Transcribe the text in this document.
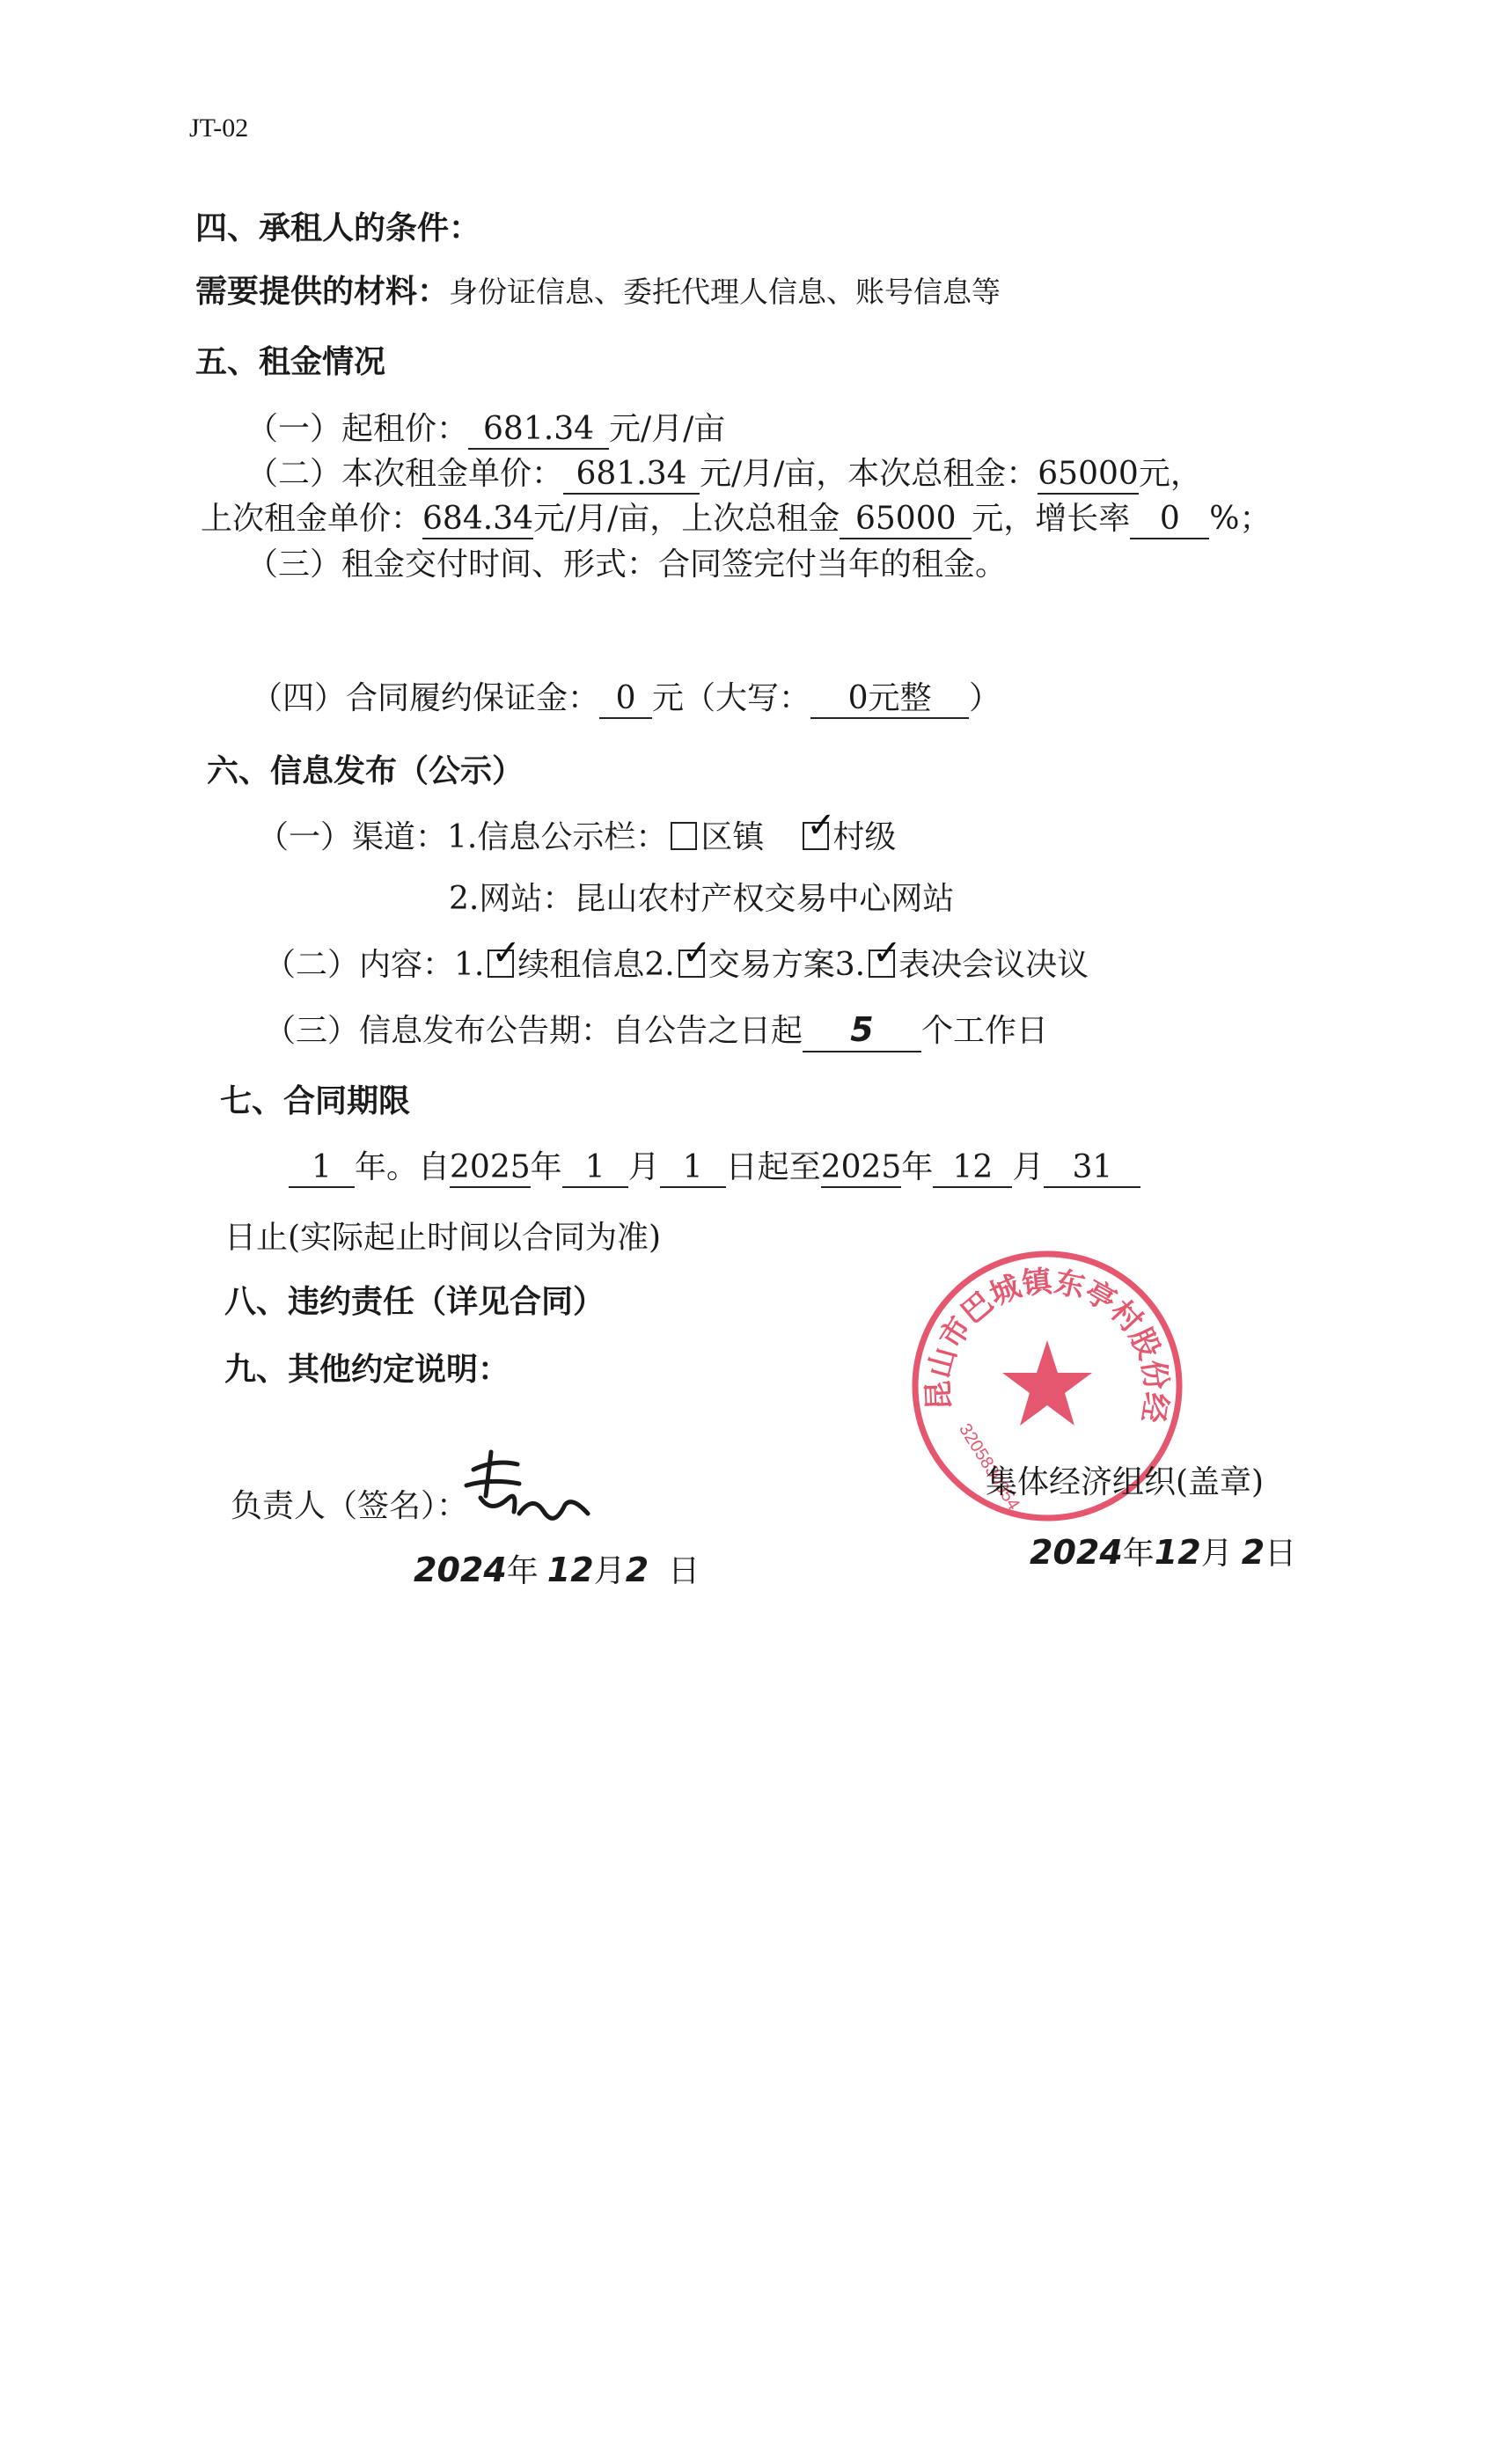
JT-02
四、承租人的条件：
需要提供的材料：身份证信息、委托代理人信息、账号信息等
五、租金情况
（一）起租价： 681.34 元/月/亩
（二）本次租金单价： 681.34 元/月/亩，本次总租金：65000元，
上次租金单价：684.34元/月/亩，上次总租金 65000 元，增长率 0 %；
（三）租金交付时间、形式：合同签完付当年的租金。
（四）合同履约保证金： 0 元（大写： 0元整 ）
六、信息发布（公示）
（一）渠道：1.信息公示栏： 区镇 ✓
村级
2.网站：昆山农村产权交易中心网站
（二）内容：1. ✓
续租信息2. ✓
交易方案3. ✓
表决会议决议
（三）信息发布公告期：自公告之日起 5 个工作日
七、合同期限
1 年。自2025年 1 月 1 日起至2025年 12 月 31
日止(实际起止时间以合同为准)
八、违约责任（详见合同）
九、其他约定说明：
负责人（签名）：
2024年 12月2 日
昆山市巴城镇东亭村股份经
3205830954
集体经济组织(盖章)
2024年12月 2日
